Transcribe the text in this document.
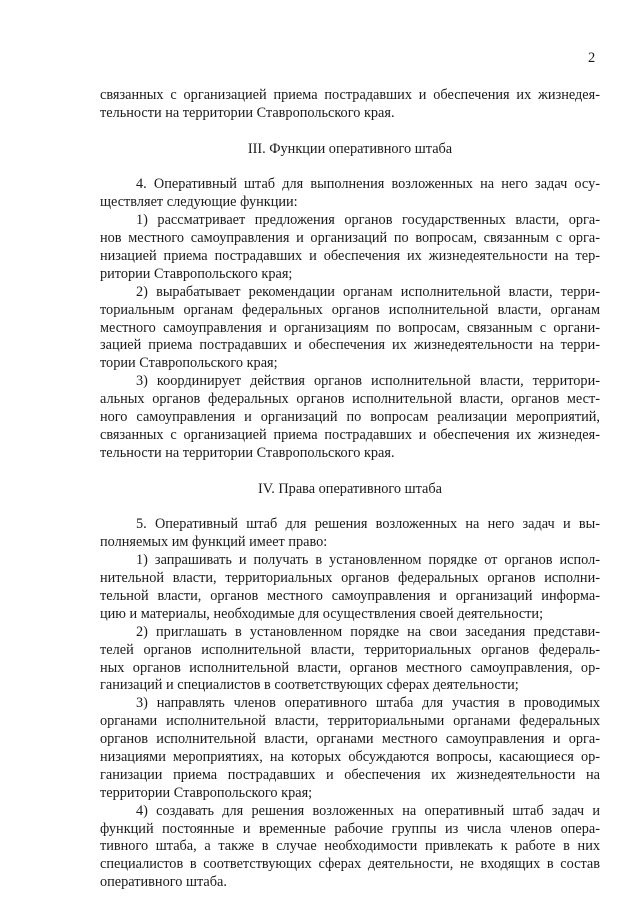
2
связанных с организацией приема пострадавших и обеспечения их жизнедея-
тельности на территории Ставропольского края.
III. Функции оперативного штаба
4. Оперативный штаб для выполнения возложенных на него задач осу-
ществляет следующие функции:
1) рассматривает предложения органов государственных власти, орга-
нов местного самоуправления и организаций по вопросам, связанным с орга-
низацией приема пострадавших и обеспечения их жизнедеятельности на тер-
ритории Ставропольского края;
2) вырабатывает рекомендации органам исполнительной власти, терри-
ториальным органам федеральных органов исполнительной власти, органам
местного самоуправления и организациям по вопросам, связанным с органи-
зацией приема пострадавших и обеспечения их жизнедеятельности на терри-
тории Ставропольского края;
3) координирует действия органов исполнительной власти, территори-
альных органов федеральных органов исполнительной власти, органов мест-
ного самоуправления и организаций по вопросам реализации мероприятий,
связанных с организацией приема пострадавших и обеспечения их жизнедея-
тельности на территории Ставропольского края.
IV. Права оперативного штаба
5. Оперативный штаб для решения возложенных на него задач и вы-
полняемых им функций имеет право:
1) запрашивать и получать в установленном порядке от органов испол-
нительной власти, территориальных органов федеральных органов исполни-
тельной власти, органов местного самоуправления и организаций информа-
цию и материалы, необходимые для осуществления своей деятельности;
2) приглашать в установленном порядке на свои заседания представи-
телей органов исполнительной власти, территориальных органов федераль-
ных органов исполнительной власти, органов местного самоуправления, ор-
ганизаций и специалистов в соответствующих сферах деятельности;
3) направлять членов оперативного штаба для участия в проводимых
органами исполнительной власти, территориальными органами федеральных
органов исполнительной власти, органами местного самоуправления и орга-
низациями мероприятиях, на которых обсуждаются вопросы, касающиеся ор-
ганизации приема пострадавших и обеспечения их жизнедеятельности на
территории Ставропольского края;
4) создавать для решения возложенных на оперативный штаб задач и
функций постоянные и временные рабочие группы из числа членов опера-
тивного штаба, а также в случае необходимости привлекать к работе в них
специалистов в соответствующих сферах деятельности, не входящих в состав
оперативного штаба.
